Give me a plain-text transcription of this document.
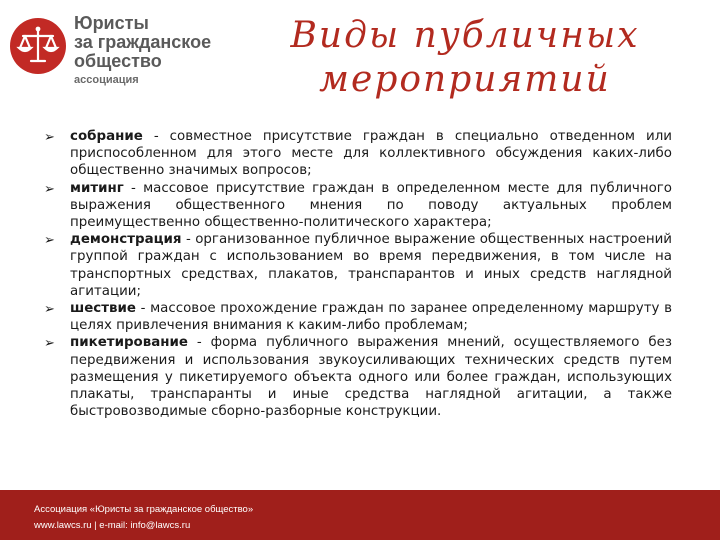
Юристы
за гражданское
общество
ассоциация
Виды публичных
мероприятий
➢ собрание - совместное присутствие граждан в специально отведенном или приспособленном для этого месте для коллективного обсуждения каких-либо общественно значимых вопросов;
➢ митинг - массовое присутствие граждан в определенном месте для публичного выражения общественного мнения по поводу актуальных проблем преимущественно общественно-политического характера;
➢ демонстрация - организованное публичное выражение общественных настроений группой граждан с использованием во время передвижения, в том числе на транспортных средствах, плакатов, транспарантов и иных средств наглядной агитации;
➢ шествие - массовое прохождение граждан по заранее определенному маршруту в целях привлечения внимания к каким-либо проблемам;
➢ пикетирование - форма публичного выражения мнений, осуществляемого без передвижения и использования звукоусиливающих технических средств путем размещения у пикетируемого объекта одного или более граждан, использующих плакаты, транспаранты и иные средства наглядной агитации, а также быстровозводимые сборно-разборные конструкции.
Ассоциация «Юристы за гражданское общество»
www.lawcs.ru | e-mail: info@lawcs.ru
